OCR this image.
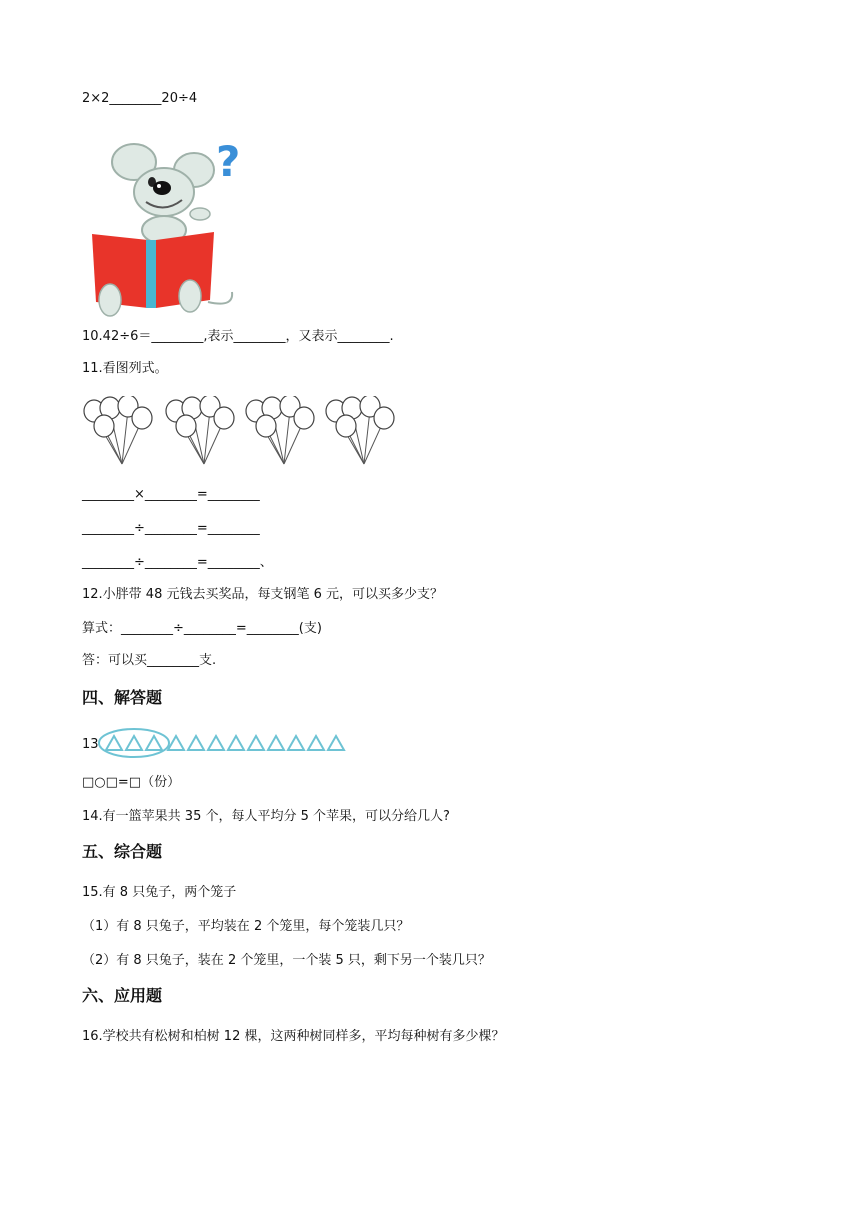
2×2________20÷4
?
10.42÷6＝________,表示________，又表示________.
11.看图列式。
________×________=________
________÷________=________
________÷________=________、
12.小胖带 48 元钱去买奖品，每支钢笔 6 元，可以买多少支？
算式：________÷________=________(支)
答：可以买________支.
四、解答题
13.
□○□=□（份）
14.有一篮苹果共 35 个，每人平均分 5 个苹果，可以分给几人?
五、综合题
15.有 8 只兔子，两个笼子
（1）有 8 只兔子，平均装在 2 个笼里，每个笼装几只？
（2）有 8 只兔子，装在 2 个笼里，一个装 5 只，剩下另一个装几只？
六、应用题
16.学校共有松树和柏树 12 棵，这两种树同样多，平均每种树有多少棵？
